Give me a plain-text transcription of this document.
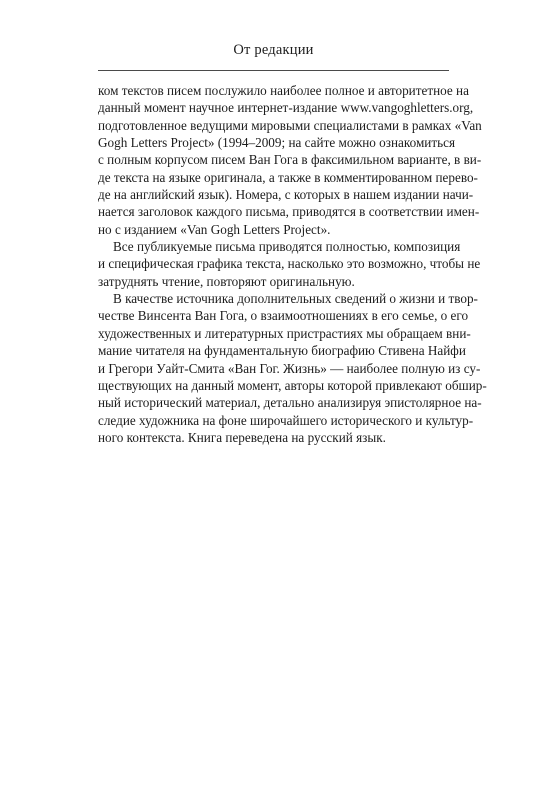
От редакции
ком текстов писем послужило наиболее полное и авторитетное на
данный момент научное интернет-издание www.vangoghletters.org,
подготовленное ведущими мировыми специалистами в рамках «Van
Gogh Letters Project» (1994–2009; на сайте можно ознакомиться
с полным корпусом писем Ван Гога в факсимильном варианте, в ви-
де текста на языке оригинала, а также в комментированном перево-
де на английский язык). Номера, с которых в нашем издании начи-
нается заголовок каждого письма, приводятся в соответствии имен-
но с изданием «Van Gogh Letters Project».
Все публикуемые письма приводятся полностью, композиция
и специфическая графика текста, насколько это возможно, чтобы не
затруднять чтение, повторяют оригинальную.
В качестве источника дополнительных сведений о жизни и твор-
честве Винсента Ван Гога, о взаимоотношениях в его семье, о его
художественных и литературных пристрастиях мы обращаем вни-
мание читателя на фундаментальную биографию Стивена Найфи
и Грегори Уайт-Смита «Ван Гог. Жизнь» — наиболее полную из су-
ществующих на данный момент, авторы которой привлекают обшир-
ный исторический материал, детально анализируя эпистолярное на-
следие художника на фоне широчайшего исторического и культур-
ного контекста. Книга переведена на русский язык.
